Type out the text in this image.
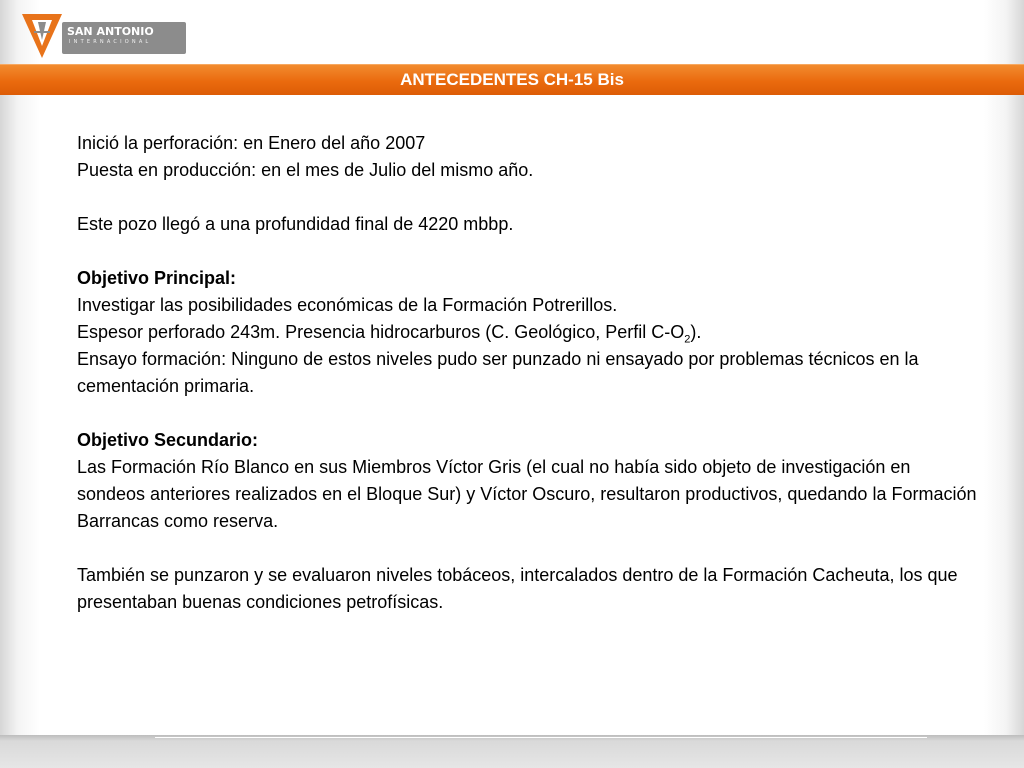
SAN ANTONIO
INTERNACIONAL
ANTECEDENTES CH-15 Bis

Inició la perforación: en Enero del año 2007

Puesta en producción: en el mes de Julio del mismo año.

Este pozo llegó a una profundidad final de 4220 mbbp.

Objetivo Principal:

Investigar las posibilidades económicas de la Formación Potrerillos.

Espesor perforado 243m. Presencia hidrocarburos (C. Geológico, Perfil $C-O_2$).

Ensayo formación: Ninguno de estos niveles pudo ser punzado ni ensayado por problemas técnicos en la cementación primaria.

Objetivo Secundario:

Las Formación Río Blanco en sus Miembros Víctor Gris (el cual no había sido objeto de investigación en sondeos anteriores realizados en el Bloque Sur) y Víctor Oscuro, resultaron productivos, quedando la Formación Barrancas como reserva.

También se punzaron y se evaluaron niveles tobáceos, intercalados dentro de la Formación Cacheuta, los que presentaban buenas condiciones petrofísicas.
